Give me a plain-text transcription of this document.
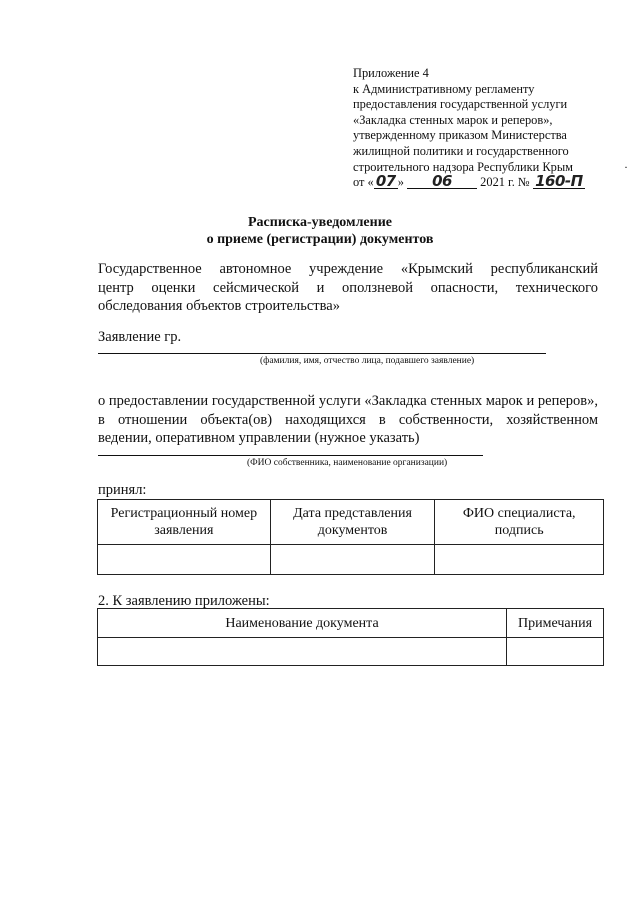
Приложение 4
к Административному регламенту
предоставления государственной услуги
«Закладка стенных марок и реперов»,
утвержденному приказом Министерства
жилищной политики и государственного
строительного надзора Республики Крым
от « 07 » 06 2021 г. № 160-П
·
Расписка-уведомление
о приеме (регистрации) документов
Государственное автономное учреждение «Крымский республиканский
центр оценки сейсмической и оползневой опасности, технического
обследования объектов строительства»
Заявление гр.
(фамилия, имя, отчество лица, подавшего заявление)
о предоставлении государственной услуги «Закладка стенных марок и реперов»,
в отношении объекта(ов) находящихся в собственности, хозяйственном
ведении, оперативном управлении (нужное указать)
(ФИО собственника, наименование организации)
принял:
Регистрационный номер заявления	Дата представления документов	ФИО специалиста, подпись

2. К заявлению приложены:
Наименование документа	Примечания
